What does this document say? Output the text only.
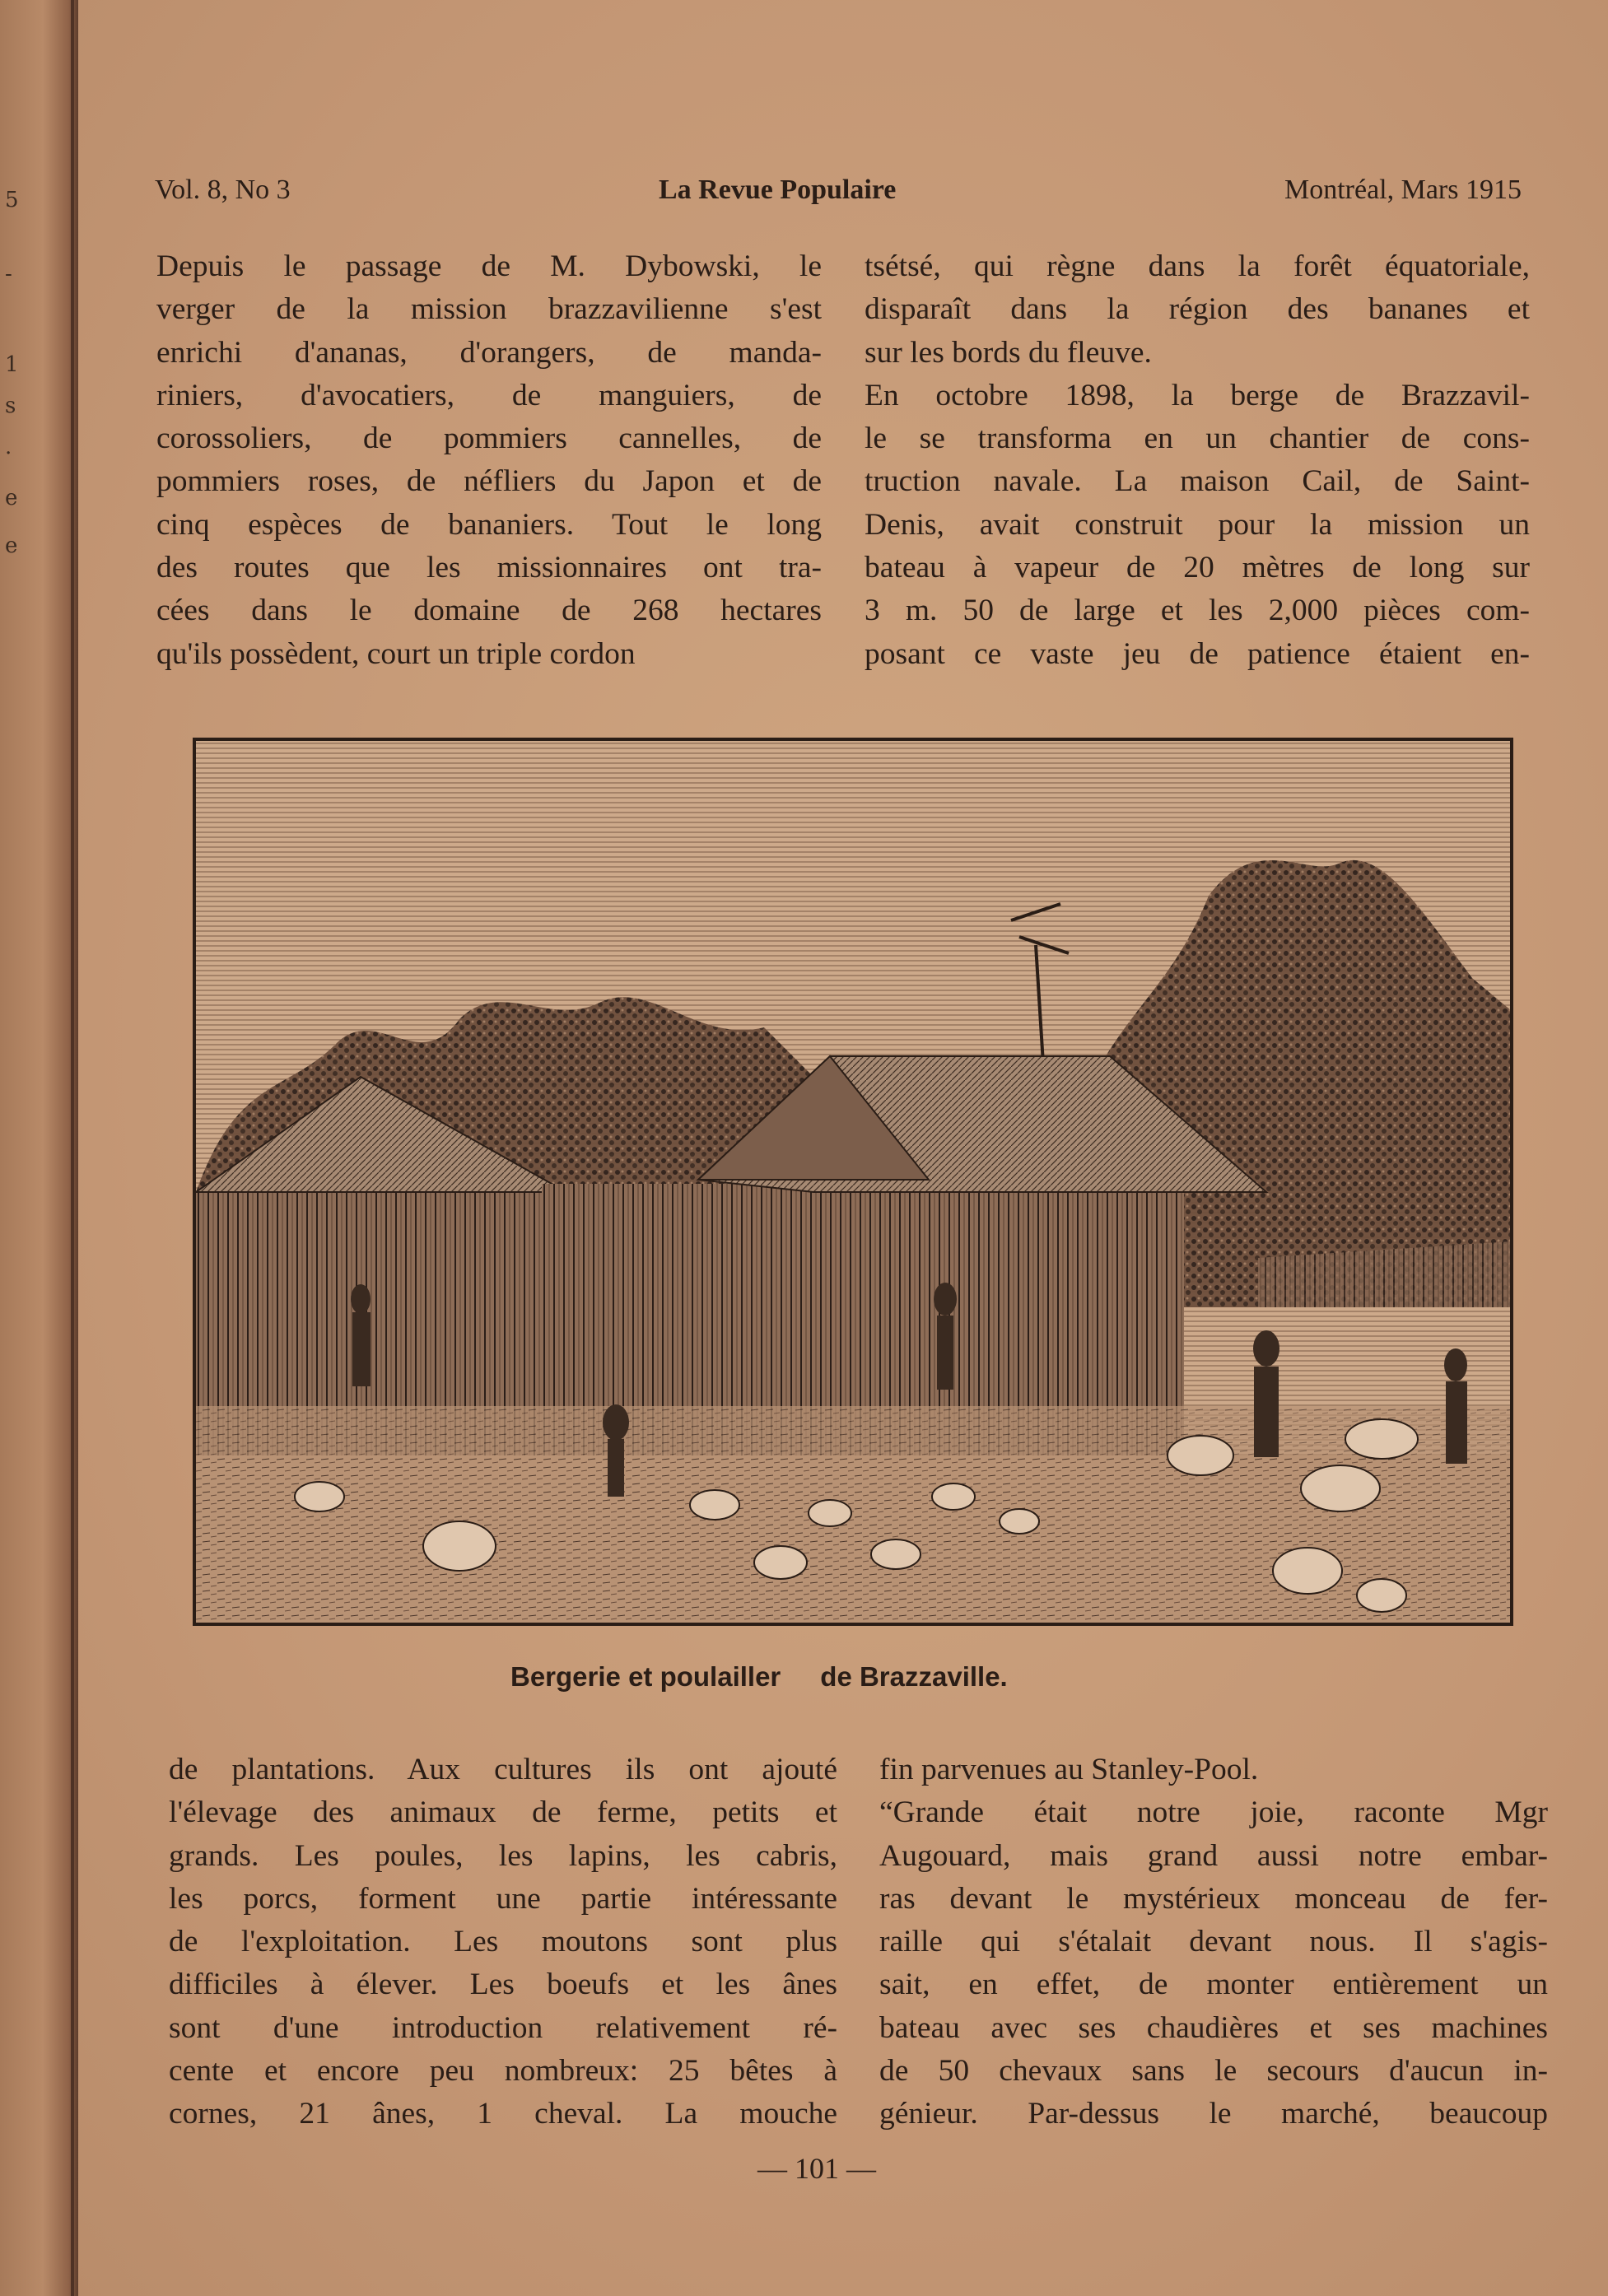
5
-
1
s
.
e
e
Vol. 8, No 3	La Revue Populaire	Montréal, Mars 1915
Depuis le passage de M. Dybowski, le
verger de la mission brazzavilienne s'est
enrichi d'ananas, d'orangers, de manda-
riniers, d'avocatiers, de manguiers, de
corossoliers, de pommiers cannelles, de
pommiers roses, de néfliers du Japon et de
cinq espèces de bananiers. Tout le long
des routes que les missionnaires ont tra-
cées dans le domaine de 268 hectares
qu'ils possèdent, court un triple cordon
tsétsé, qui règne dans la forêt équatoriale,
disparaît dans la région des bananes et
sur les bords du fleuve.
En octobre 1898, la berge de Brazzavil-
le se transforma en un chantier de cons-
truction navale. La maison Cail, de Saint-
Denis, avait construit pour la mission un
bateau à vapeur de 20 mètres de long sur
3 m. 50 de large et les 2,000 pièces com-
posant ce vaste jeu de patience étaient en-
Bergerie et poulailler de Brazzaville.
de plantations. Aux cultures ils ont ajouté
l'élevage des animaux de ferme, petits et
grands. Les poules, les lapins, les cabris,
les porcs, forment une partie intéressante
de l'exploitation. Les moutons sont plus
difficiles à élever. Les boeufs et les ânes
sont d'une introduction relativement ré-
cente et encore peu nombreux: 25 bêtes à
cornes, 21 ânes, 1 cheval. La mouche
fin parvenues au Stanley-Pool.
“Grande était notre joie, raconte Mgr
Augouard, mais grand aussi notre embar-
ras devant le mystérieux monceau de fer-
raille qui s'étalait devant nous. Il s'agis-
sait, en effet, de monter entièrement un
bateau avec ses chaudières et ses machines
de 50 chevaux sans le secours d'aucun in-
génieur. Par-dessus le marché, beaucoup
— 101 —
